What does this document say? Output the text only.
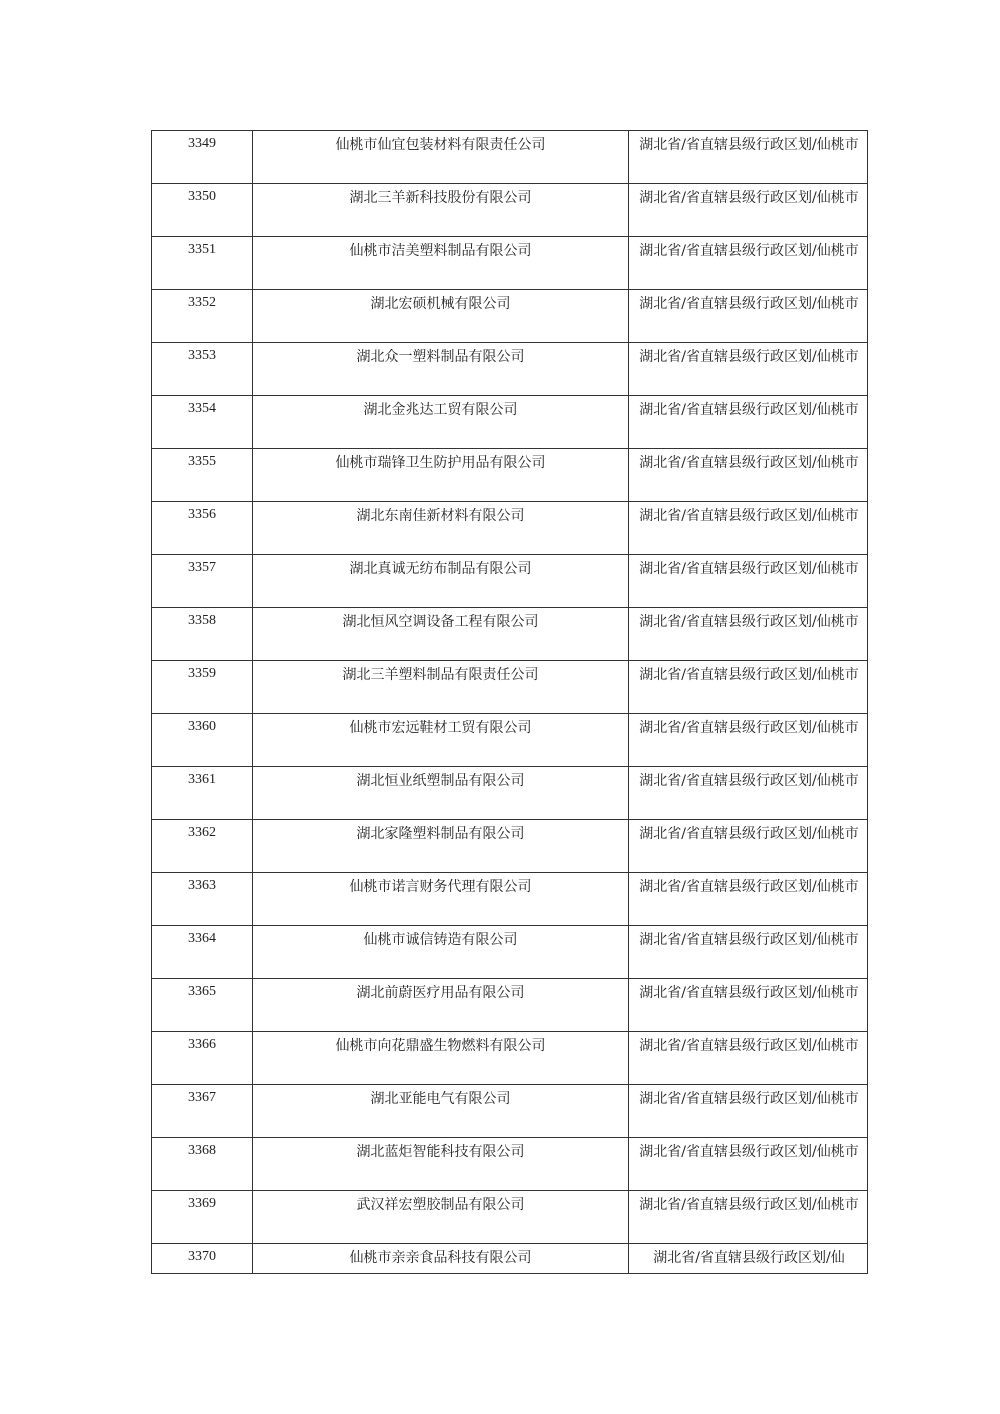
3349	仙桃市仙宜包装材料有限责任公司	湖北省/省直辖县级行政区划/仙桃市

3350	湖北三羊新科技股份有限公司	湖北省/省直辖县级行政区划/仙桃市

3351	仙桃市洁美塑料制品有限公司	湖北省/省直辖县级行政区划/仙桃市

3352	湖北宏硕机械有限公司	湖北省/省直辖县级行政区划/仙桃市

3353	湖北众一塑料制品有限公司	湖北省/省直辖县级行政区划/仙桃市

3354	湖北金兆达工贸有限公司	湖北省/省直辖县级行政区划/仙桃市

3355	仙桃市瑞锋卫生防护用品有限公司	湖北省/省直辖县级行政区划/仙桃市

3356	湖北东南佳新材料有限公司	湖北省/省直辖县级行政区划/仙桃市

3357	湖北真诚无纺布制品有限公司	湖北省/省直辖县级行政区划/仙桃市

3358	湖北恒风空调设备工程有限公司	湖北省/省直辖县级行政区划/仙桃市

3359	湖北三羊塑料制品有限责任公司	湖北省/省直辖县级行政区划/仙桃市

3360	仙桃市宏远鞋材工贸有限公司	湖北省/省直辖县级行政区划/仙桃市

3361	湖北恒业纸塑制品有限公司	湖北省/省直辖县级行政区划/仙桃市

3362	湖北家隆塑料制品有限公司	湖北省/省直辖县级行政区划/仙桃市

3363	仙桃市诺言财务代理有限公司	湖北省/省直辖县级行政区划/仙桃市

3364	仙桃市诚信铸造有限公司	湖北省/省直辖县级行政区划/仙桃市

3365	湖北前蔚医疗用品有限公司	湖北省/省直辖县级行政区划/仙桃市

3366	仙桃市向花鼎盛生物燃料有限公司	湖北省/省直辖县级行政区划/仙桃市

3367	湖北亚能电气有限公司	湖北省/省直辖县级行政区划/仙桃市

3368	湖北蓝炬智能科技有限公司	湖北省/省直辖县级行政区划/仙桃市

3369	武汉祥宏塑胶制品有限公司	湖北省/省直辖县级行政区划/仙桃市

3370	仙桃市亲亲食品科技有限公司	湖北省/省直辖县级行政区划/仙
